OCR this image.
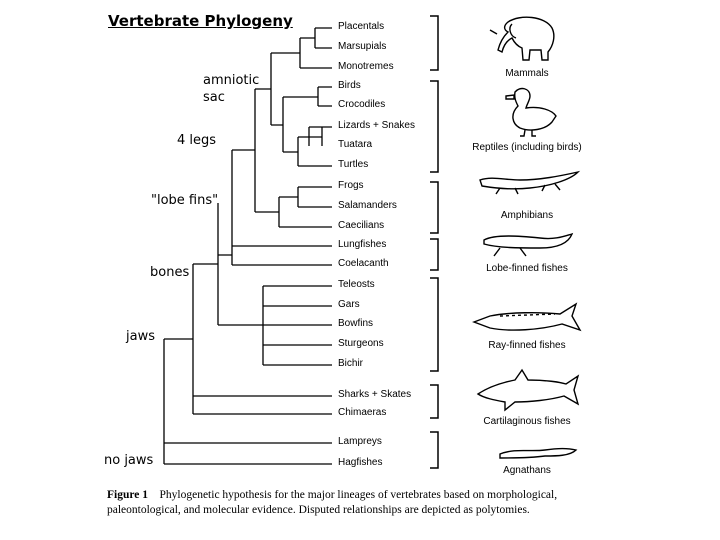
Vertebrate Phylogeny
amniotic
sac
4 legs
"lobe fins"
bones
jaws
no jaws
Placentals
Marsupials
Monotremes
Birds
Crocodiles
Lizards + Snakes
Tuatara
Turtles
Frogs
Salamanders
Caecilians
Lungfishes
Coelacanth
Teleosts
Gars
Bowfins
Sturgeons
Bichir
Sharks + Skates
Chimaeras
Lampreys
Hagfishes
Mammals
Reptiles (including birds)
Amphibians
Lobe-finned fishes
Ray-finned fishes
Cartilaginous fishes
Agnathans
Figure 1 Phylogenetic hypothesis for the major lineages of vertebrates based on morphological, paleontological, and molecular evidence. Disputed relationships are depicted as polytomies.
